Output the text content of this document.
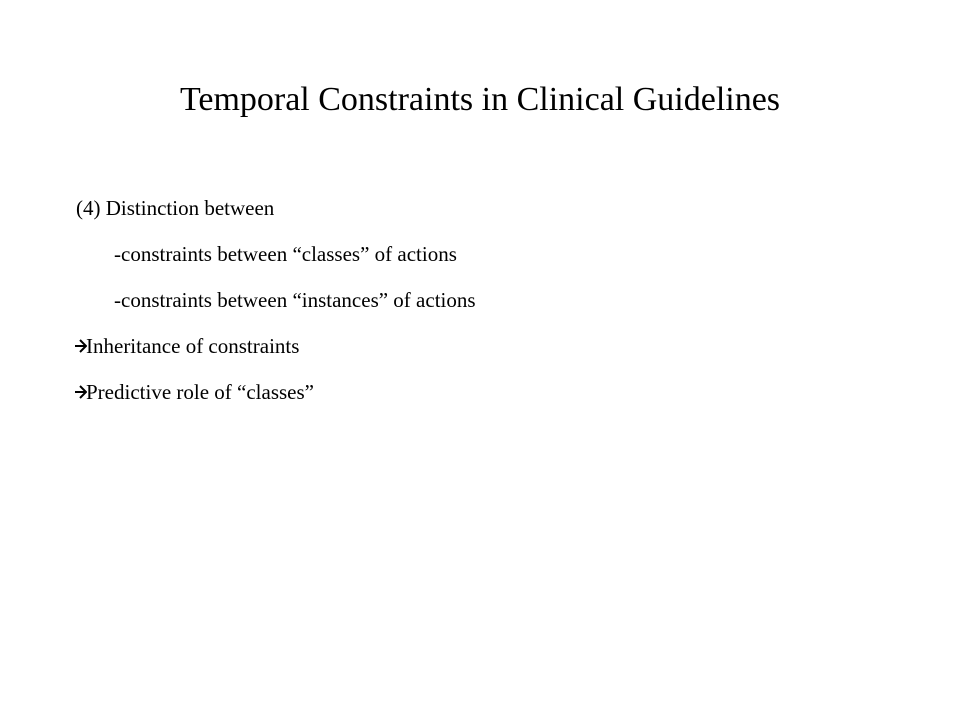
Temporal Constraints in Clinical Guidelines
(4) Distinction between
-constraints between “classes” of actions
-constraints between “instances” of actions
Inheritance of constraints
Predictive role of “classes”
